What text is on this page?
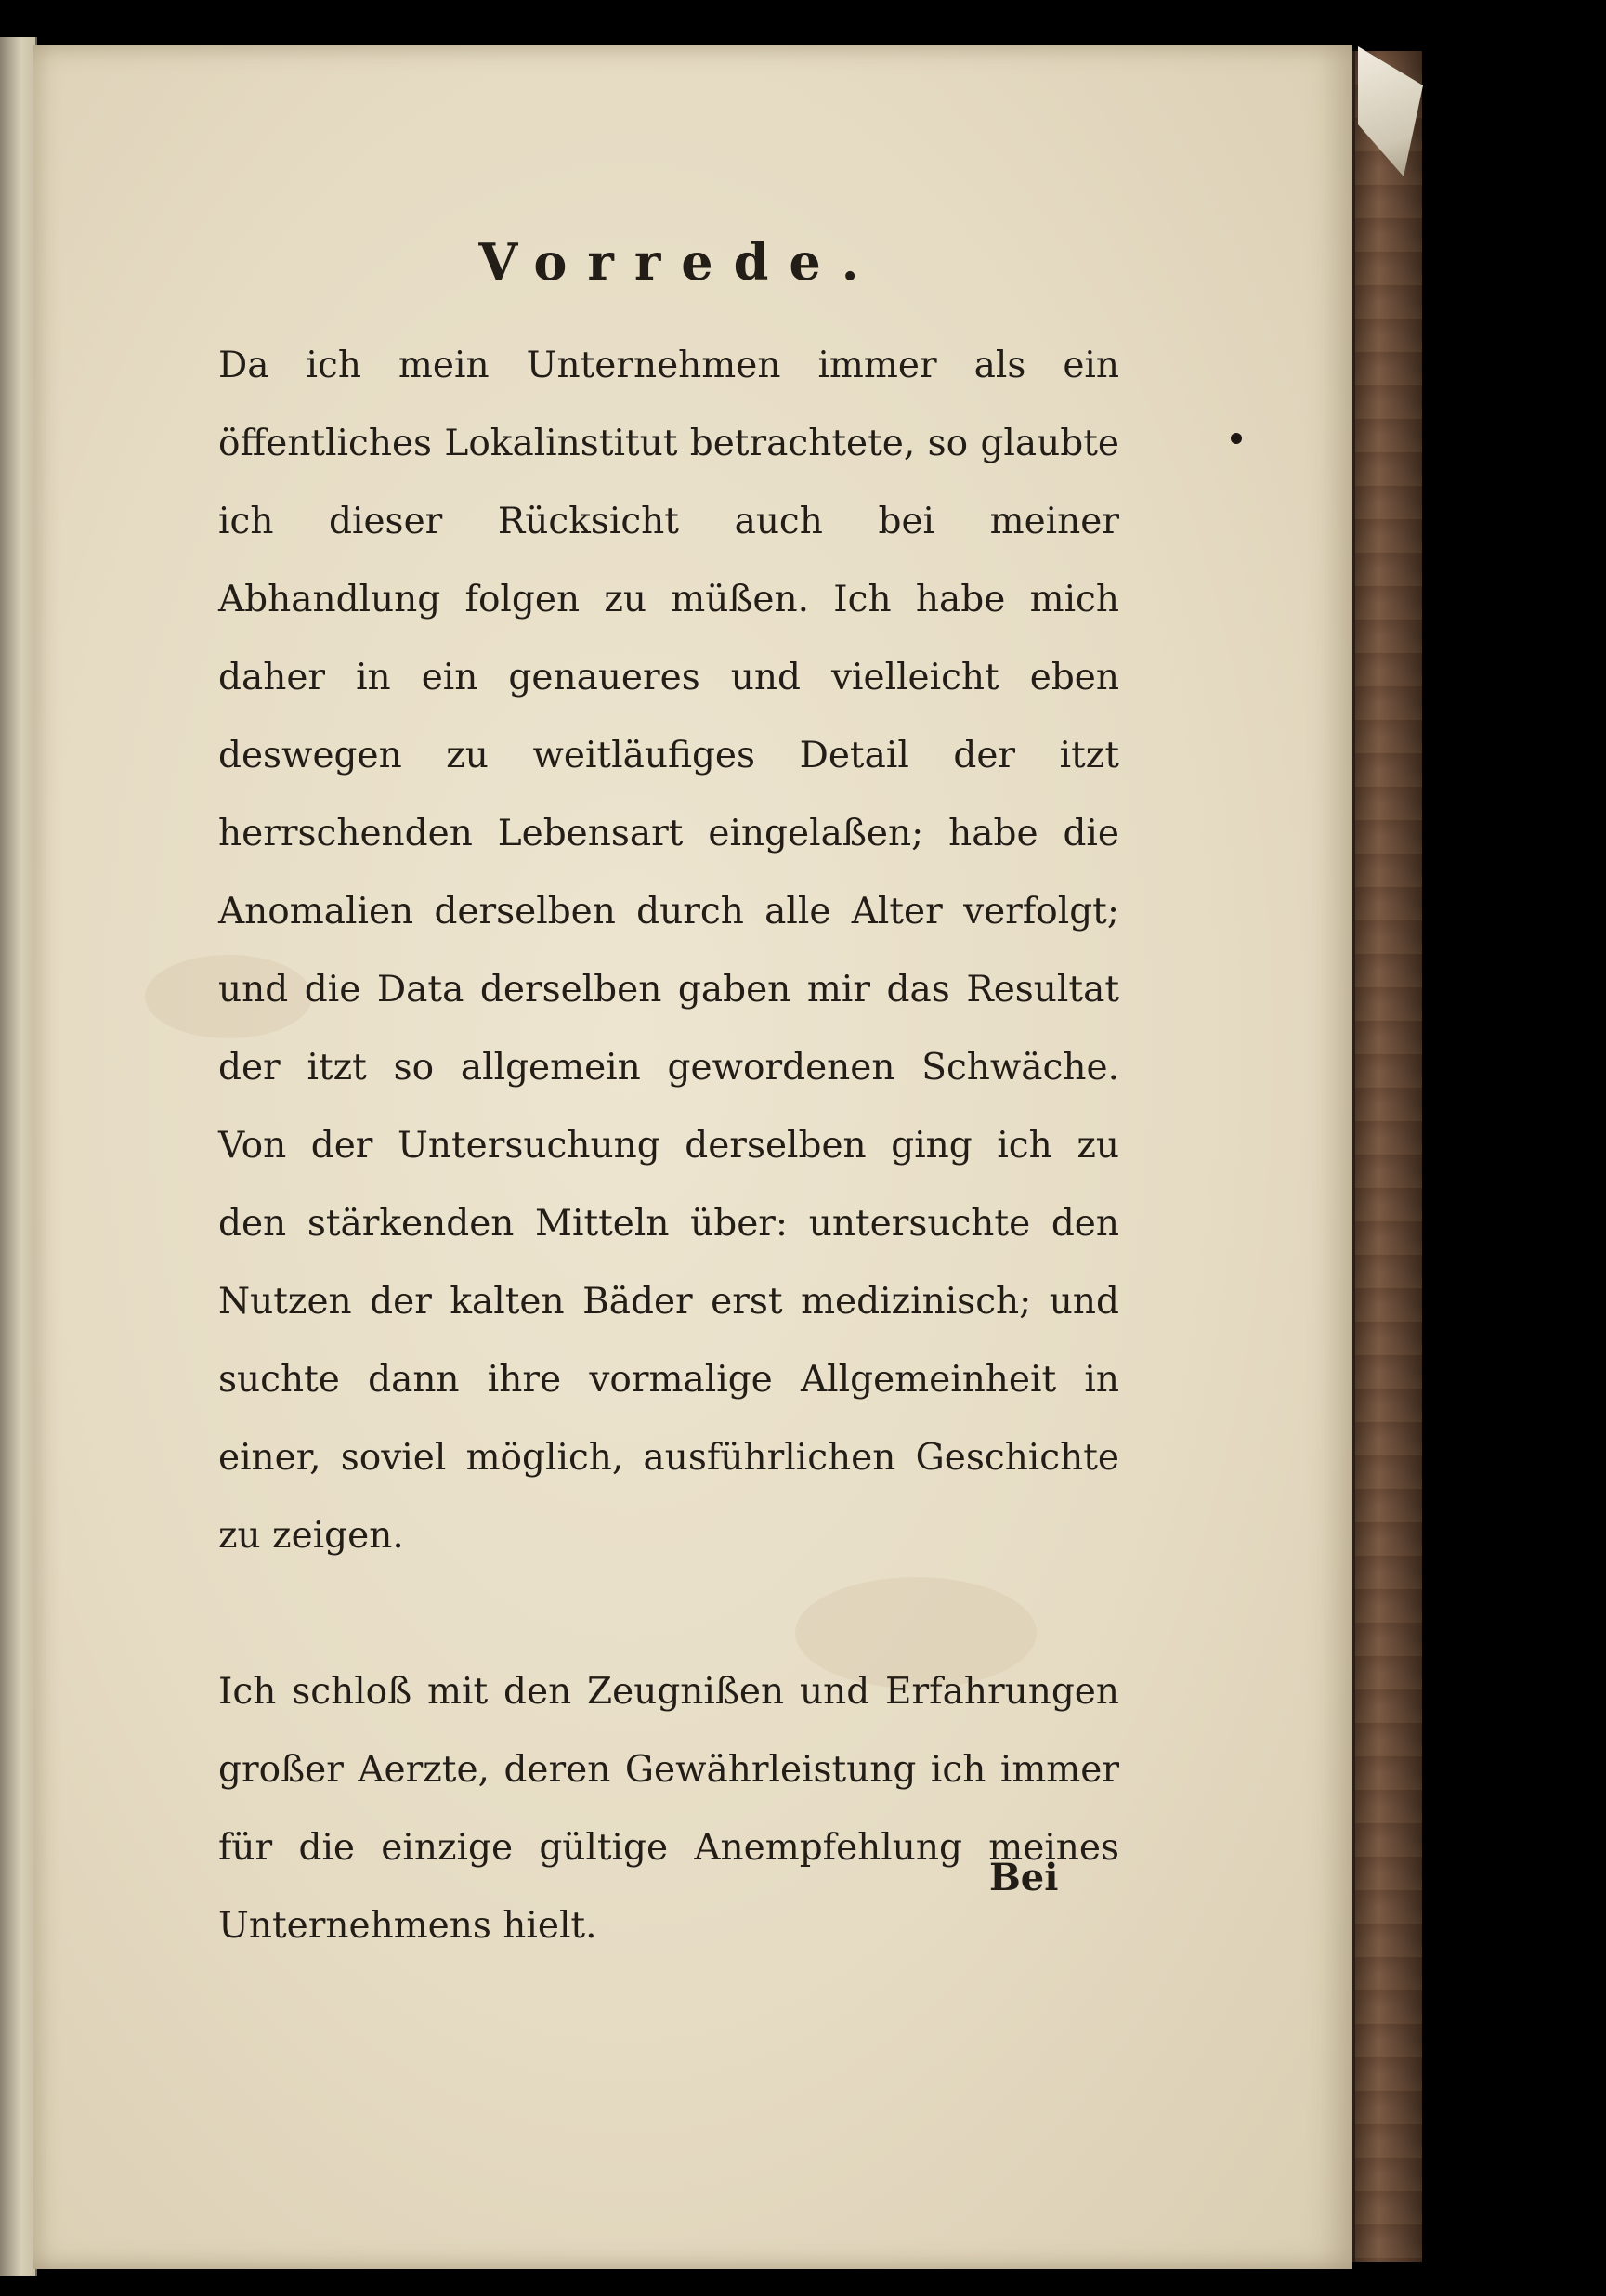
Vorrede.

Da ich mein Unternehmen immer als ein öffentliches Lokalinstitut betrachtete, so glaubte ich dieser Rücksicht auch bei meiner Abhandlung folgen zu müßen. Ich habe mich daher in ein genaueres und vielleicht eben deswegen zu weitläufiges Detail der itzt herrschenden Lebensart eingelaßen; habe die Anomalien derselben durch alle Alter verfolgt; und die Data derselben gaben mir das Resultat der itzt so allgemein gewordenen Schwäche. Von der Untersuchung derselben ging ich zu den stärkenden Mitteln über: untersuchte den Nutzen der kalten Bäder erst medizinisch; und suchte dann ihre vormalige Allgemeinheit in einer, soviel möglich, ausführlichen Geschichte zu zeigen.

Ich schloß mit den Zeugnißen und Erfahrungen großer Aerzte, deren Gewährleistung ich immer für die einzige gültige Anempfehlung meines Unternehmens hielt.

Bei
